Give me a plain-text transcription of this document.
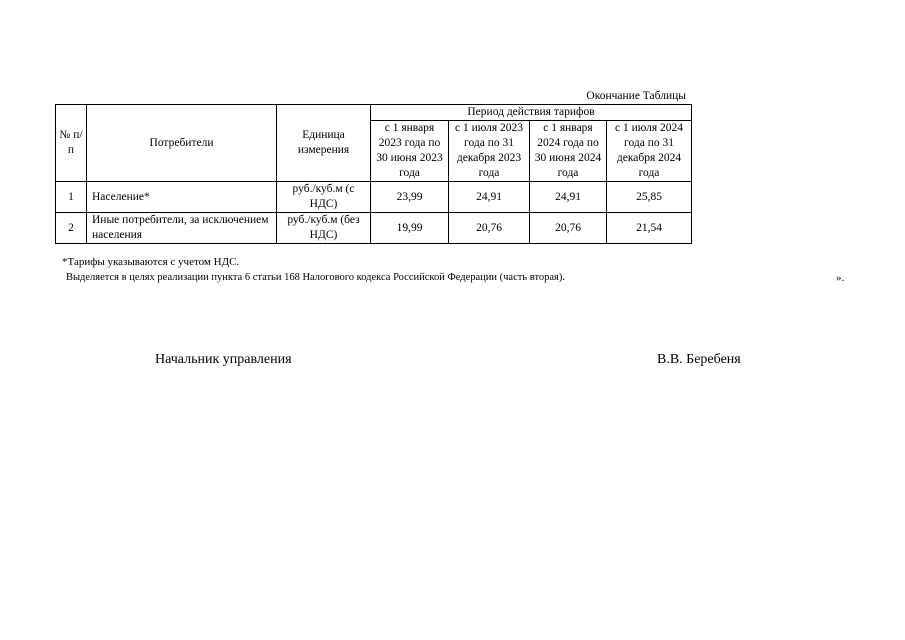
Окончание Таблицы
№ п/п	Потребители	Единица измерения	Период действия тарифов			
			с 1 января 2023 года по 30 июня 2023 года	с 1 июля 2023 года по 31 декабря 2023 года	с 1 января 2024 года по 30 июня 2024 года	с 1 июля 2024 года по 31 декабря 2024 года
1	Население*	руб./куб.м (с НДС)	23,99	24,91	24,91	25,85
2	Иные потребители, за исключением населения	руб./куб.м (без НДС)	19,99	20,76	20,76	21,54
*Тарифы указываются с учетом НДС.
Выделяется в целях реализации пункта 6 статьи 168 Налогового кодекса Российской Федерации (часть вторая).	».
Начальник управления	В.В. Беребеня
